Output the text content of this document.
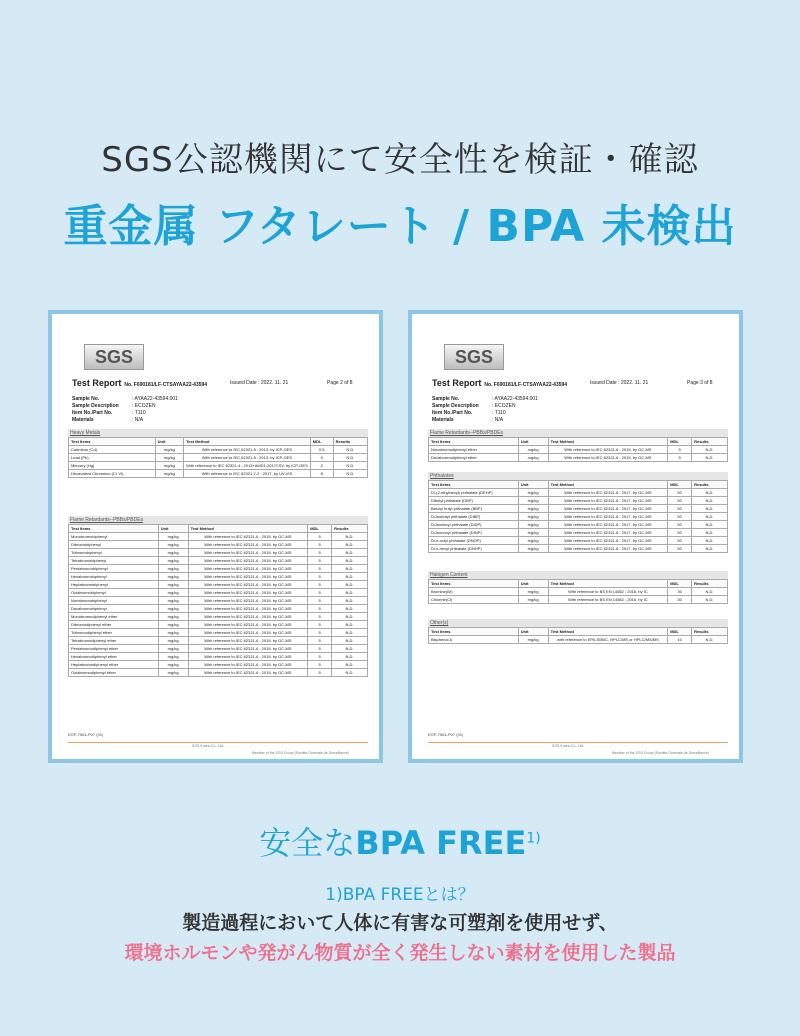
SGS公認機関にて安全性を検証・確認
重金属 フタレート / BPA 未検出
SGS
Test Report No. F690181/LF-CTSAYAA22-43594	Issued Date : 2022. 11. 21	Page 2 of 8
Sample No.	: AYAA22-43594.001
Sample Description	: ECOZEN
Item No./Part No.	: T110
Materials	: N/A
Heavy Metals
Test Items	Unit	Test Method	MDL	Results
Cadmium (Cd)	mg/kg	With reference to IEC 62321-5 : 2013, by ICP-OES	0.5	N.D.
Lead (Pb)	mg/kg	With reference to IEC 62321-5 : 2013, by ICP-OES	5	N.D.
Mercury (Hg)	mg/kg	With reference to IEC 62321-4 : 2013+AMD1:2017CSV, by ICP-OES	2	N.D.
Hexavalent Chromium (Cr VI)	mg/kg	With reference to IEC 62321-7-2 : 2017, by UV-VIS	8	N.D.
Flame Retardants--PBBs/PBDEs
Test Items	Unit	Test Method	MDL	Results
Monobromobiphenyl	mg/kg	With reference to IEC 62321-6 : 2015, by GC-MS	5	N.D.
Dibromobiphenyl	mg/kg	With reference to IEC 62321-6 : 2015, by GC-MS	5	N.D.
Tribromobiphenyl	mg/kg	With reference to IEC 62321-6 : 2015, by GC-MS	5	N.D.
Tetrabromobiphenyl	mg/kg	With reference to IEC 62321-6 : 2015, by GC-MS	5	N.D.
Pentabromobiphenyl	mg/kg	With reference to IEC 62321-6 : 2015, by GC-MS	5	N.D.
Hexabromobiphenyl	mg/kg	With reference to IEC 62321-6 : 2015, by GC-MS	5	N.D.
Heptabromobiphenyl	mg/kg	With reference to IEC 62321-6 : 2015, by GC-MS	5	N.D.
Octabromobiphenyl	mg/kg	With reference to IEC 62321-6 : 2015, by GC-MS	5	N.D.
Nonabromobiphenyl	mg/kg	With reference to IEC 62321-6 : 2015, by GC-MS	5	N.D.
Decabromobiphenyl	mg/kg	With reference to IEC 62321-6 : 2015, by GC-MS	5	N.D.
Monobromodiphenyl ether	mg/kg	With reference to IEC 62321-6 : 2015, by GC-MS	5	N.D.
Dibromodiphenyl ether	mg/kg	With reference to IEC 62321-6 : 2015, by GC-MS	5	N.D.
Tribromodiphenyl ether	mg/kg	With reference to IEC 62321-6 : 2015, by GC-MS	5	N.D.
Tetrabromodiphenyl ether	mg/kg	With reference to IEC 62321-6 : 2015, by GC-MS	5	N.D.
Pentabromodiphenyl ether	mg/kg	With reference to IEC 62321-6 : 2015, by GC-MS	5	N.D.
Hexabromodiphenyl ether	mg/kg	With reference to IEC 62321-6 : 2015, by GC-MS	5	N.D.
Heptabromodiphenyl ether	mg/kg	With reference to IEC 62321-6 : 2015, by GC-MS	5	N.D.
Octabromodiphenyl ether	mg/kg	With reference to IEC 62321-6 : 2015, by GC-MS	5	N.D.
EGP-7561-P07 (01)
SGS Korea Co., Ltd.
Member of the SGS Group (Société Générale de Surveillance)
SGS
Test Report No. F690181/LF-CTSAYAA22-43594	Issued Date : 2022. 11. 21	Page 3 of 8
Sample No.	: AYAA22-43594.001
Sample Description	: ECOZEN
Item No./Part No.	: T110
Materials	: N/A
Flame Retardants--PBBs/PBDEs
Test Items	Unit	Test Method	MDL	Results
Nonabromodiphenyl ether	mg/kg	With reference to IEC 62321-6 : 2015, by GC-MS	5	N.D.
Decabromodiphenyl ether	mg/kg	With reference to IEC 62321-6 : 2015, by GC-MS	5	N.D.
Phthalates
Test Items	Unit	Test Method	MDL	Results
Di-(2-ethylhexyl) phthalate (DEHP)	mg/kg	With reference to IEC 62321-8 : 2017, by GC-MS	50	N.D.
Dibutyl phthalate (DBP)	mg/kg	With reference to IEC 62321-8 : 2017, by GC-MS	50	N.D.
Benzyl butyl phthalate (BBP)	mg/kg	With reference to IEC 62321-8 : 2017, by GC-MS	50	N.D.
Di-isobutyl phthalate (DIBP)	mg/kg	With reference to IEC 62321-8 : 2017, by GC-MS	50	N.D.
Di-isodecyl phthalate (DIDP)	mg/kg	With reference to IEC 62321-8 : 2017, by GC-MS	50	N.D.
Di-isononyl phthalate (DINP)	mg/kg	With reference to IEC 62321-8 : 2017, by GC-MS	50	N.D.
Di-n-octyl phthalate (DNOP)	mg/kg	With reference to IEC 62321-8 : 2017, by GC-MS	50	N.D.
Di-n-hexyl phthalate (DNHP)	mg/kg	With reference to IEC 62321-8 : 2017, by GC-MS	50	N.D.
Halogen Content
Test Items	Unit	Test Method	MDL	Results
Bromine(Br)	mg/kg	With reference to BS EN 14582 : 2016, by IC	30	N.D.
Chlorine(Cl)	mg/kg	With reference to BS EN 14582 : 2016, by IC	30	N.D.
Other(s)
Test Items	Unit	Test Method	MDL	Results
Bisphenol A	mg/kg	with reference to EPA 3550C, HPLC/MS or HPLC/MS/MS	10	N.D.
EGP-7561-P07 (01)
SGS Korea Co., Ltd.
Member of the SGS Group (Société Générale de Surveillance)
安全なBPA FREE$^{1)}$
1)BPA FREEとは？
製造過程において人体に有害な可塑剤を使用せず、
環境ホルモンや発がん物質が全く発生しない素材を使用した製品
